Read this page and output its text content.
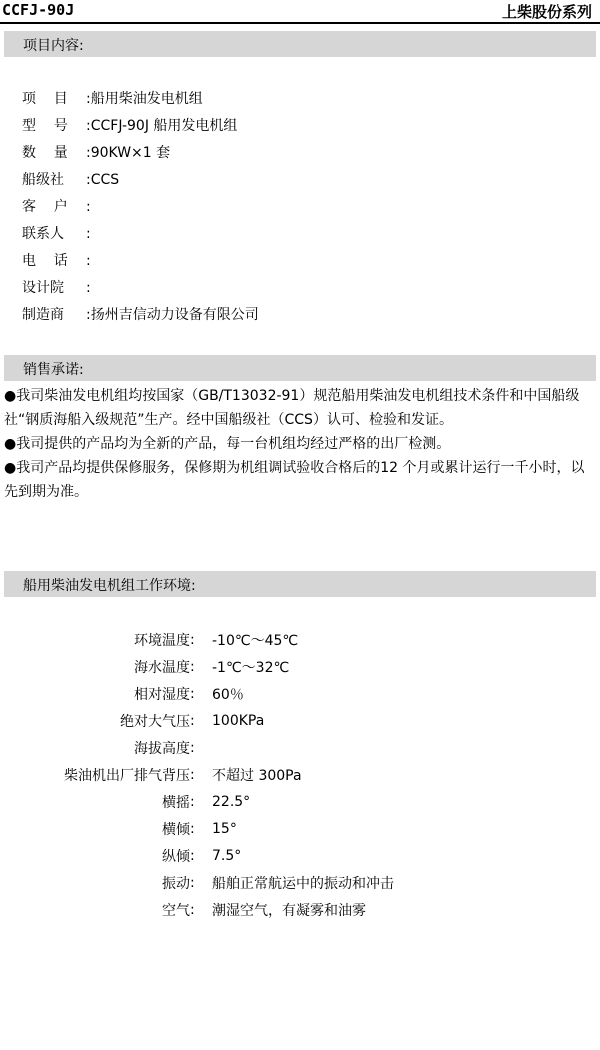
CCFJ-90J	上柴股份系列
项目内容:
项    目 :船用柴油发电机组
型    号 :CCFJ-90J 船用发电机组
数    量 :90KW×1 套
船级社 :CCS
客    户 :
联系人 :
电    话 :
设计院 :
制造商 :扬州吉信动力设备有限公司
销售承诺:

●我司柴油发电机组均按国家（GB/T13032-91）规范船用柴油发电机组技术条件和中国船级社“钢质海船入级规范”生产。经中国船级社（CCS）认可、检验和发证。

●我司提供的产品均为全新的产品，每一台机组均经过严格的出厂检测。

●我司产品均提供保修服务，保修期为机组调试验收合格后的12 个月或累计运行一千小时，以先到期为准。

船用柴油发电机组工作环境:
环境温度	:	-10℃～45℃
海水温度	:	-1℃～32℃
相对湿度	:	60％
绝对大气压	:	100KPa
海拔高度	:	
柴油机出厂排气背压	:	不超过 300Pa
横摇	:	22.5°
横倾	:	15°
纵倾	:	7.5°
振动	:	船舶正常航运中的振动和冲击
空气	:	潮湿空气，有凝雾和油雾
